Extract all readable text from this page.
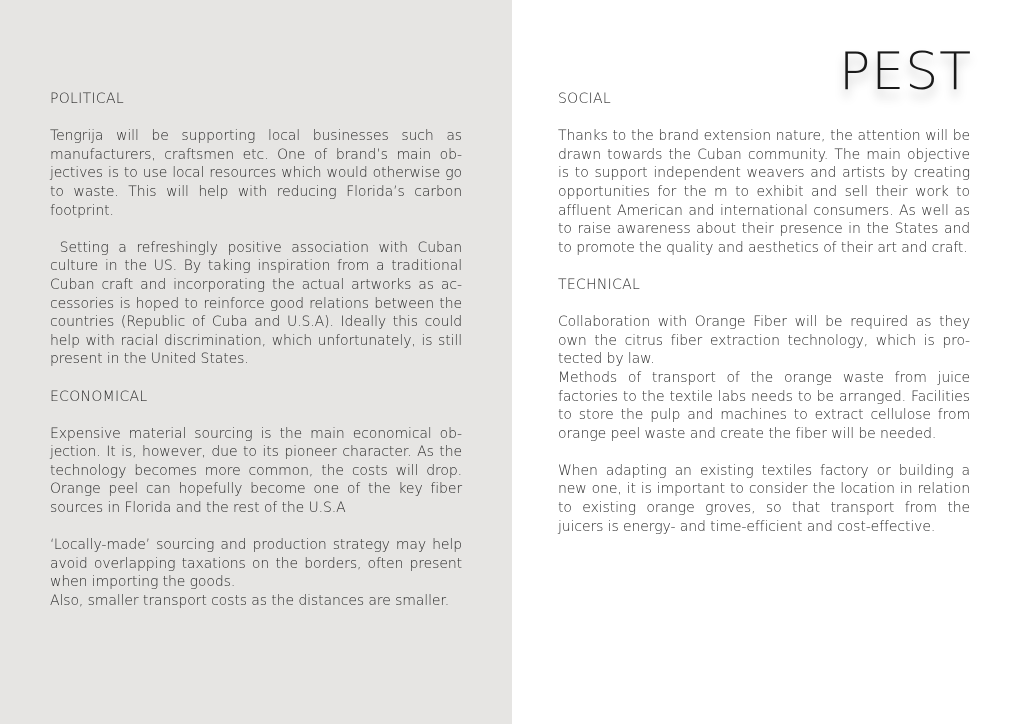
PEST
POLITICAL

Tengrija will be supporting local businesses such as manufacturers, craftsmen etc. One of brand’s main objectives is to use local resources which would otherwise go to waste. This will help with reducing Florida’s carbon footprint.

Setting a refreshingly positive association with Cuban culture in the US. By taking inspiration from a traditional Cuban craft and incorporating the actual artworks as accessories is hoped to reinforce good relations between the countries (Republic of Cuba and U.S.A). Ideally this could help with racial discrimination, which unfortunately, is still present in the United States.

ECONOMICAL

Expensive material sourcing is the main economical objection. It is, however, due to its pioneer character. As the technology becomes more common, the costs will drop. Orange peel can hopefully become one of the key fiber sources in Florida and the rest of the U.S.A

‘Locally-made’ sourcing and production strategy may help avoid overlapping taxations on the borders, often present when importing the goods.

Also, smaller transport costs as the distances are smaller.

SOCIAL

Thanks to the brand extension nature, the attention will be drawn towards the Cuban community. The main objective is to support independent weavers and artists by creating opportunities for the m to exhibit and sell their work to affluent American and international consumers. As well as to raise awareness about their presence in the States and to promote the quality and aesthetics of their art and craft.

TECHNICAL

Collaboration with Orange Fiber will be required as they own the citrus fiber extraction technology, which is protected by law.

Methods of transport of the orange waste from juice factories to the textile labs needs to be arranged. Facilities to store the pulp and machines to extract cellulose from orange peel waste and create the fiber will be needed.

When adapting an existing textiles factory or building a new one, it is important to consider the location in relation to existing orange groves, so that transport from the juicers is energy- and time-efficient and cost-effective.
